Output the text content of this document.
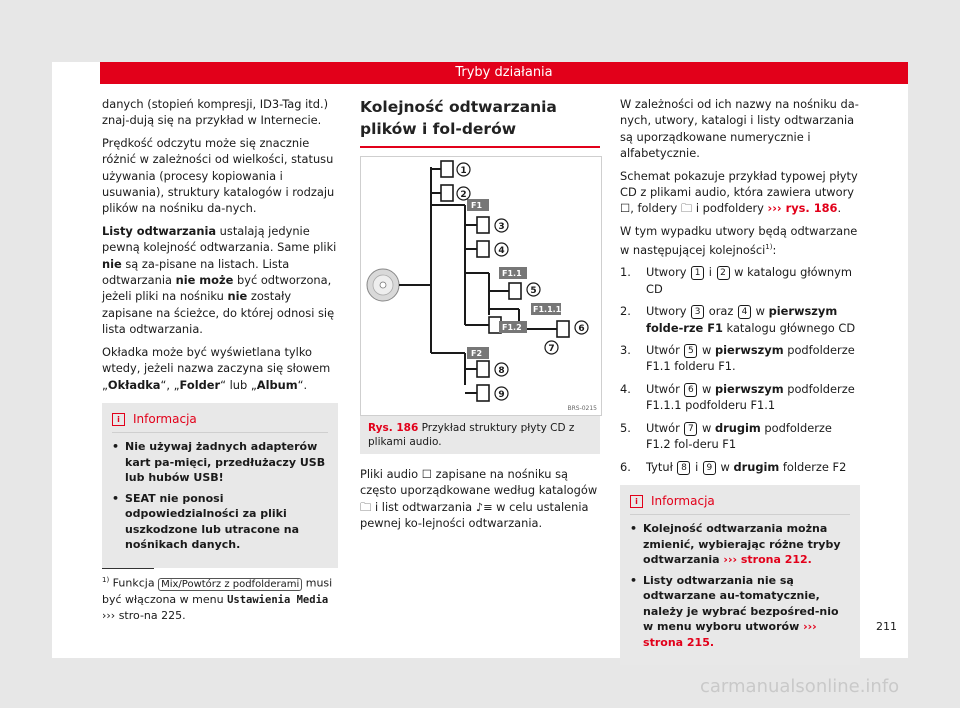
Tryby działania

danych (stopień kompresji, ID3-Tag itd.) znaj-dują się na przykład w Internecie.

Prędkość odczytu może się znacznie różnić w zależności od wielkości, statusu używania (procesy kopiowania i usuwania), struktury katalogów i rodzaju plików na nośniku da-nych.

Listy odtwarzania ustalają jedynie pewną kolejność odtwarzania. Same pliki nie są za-pisane na listach. Lista odtwarzania nie może być odtworzona, jeżeli pliki na nośniku nie zostały zapisane na ścieżce, do której odnosi się lista odtwarzania.

Okładka może być wyświetlana tylko wtedy, jeżeli nazwa zaczyna się słowem „Okładka“, „Folder“ lub „Album“.

i	Informacja
• Nie używaj żadnych adapterów kart pa-mięci, przedłużaczy USB lub hubów USB!
• SEAT nie ponosi odpowiedzialności za pliki uszkodzone lub utracone na nośnikach danych.
Kolejność odtwarzania plików i fol-derów
F1
F1.1
F1.1.1
F1.2
F2
1
2
3
4
5
6
7
8
9
BRS-0215
Rys. 186 Przykład struktury płyty CD z plikami audio.

Pliki audio ☐ zapisane na nośniku są często uporządkowane według katalogów 🗀 i list odtwarzania ♪≡ w celu ustalenia pewnej ko-lejności odtwarzania.

W zależności od ich nazwy na nośniku da-nych, utwory, katalogi i listy odtwarzania są uporządkowane numerycznie i alfabetycznie.

Schemat pokazuje przykład typowej płyty CD z plikami audio, która zawiera utwory ☐, foldery 🗀 i podfoldery ››› rys. 186.

W tym wypadku utwory będą odtwarzane w następującej kolejności$^{1)}$:

1.	Utwory 1 i 2 w katalogu głównym CD
2.	Utwory 3 oraz 4 w pierwszym folde-rze F1 katalogu głównego CD
3.	Utwór 5 w pierwszym podfolderze F1.1 folderu F1.
4.	Utwór 6 w pierwszym podfolderze F1.1.1 podfolderu F1.1
5.	Utwór 7 w drugim podfolderze F1.2 fol-deru F1
6.	Tytuł 8 i 9 w drugim folderze F2
i	Informacja
• Kolejność odtwarzania można zmienić, wybierając różne tryby odtwarzania ››› strona 212.
• Listy odtwarzania nie są odtwarzane au-tomatycznie, należy je wybrać bezpośred-nio w menu wyboru utworów ››› strona 215.
$^{1)}$ Funkcja Mix/Powtórz z podfolderami musi być włączona w menu Ustawienia Media ››› stro-na 225.
211
carmanualsonline.info
